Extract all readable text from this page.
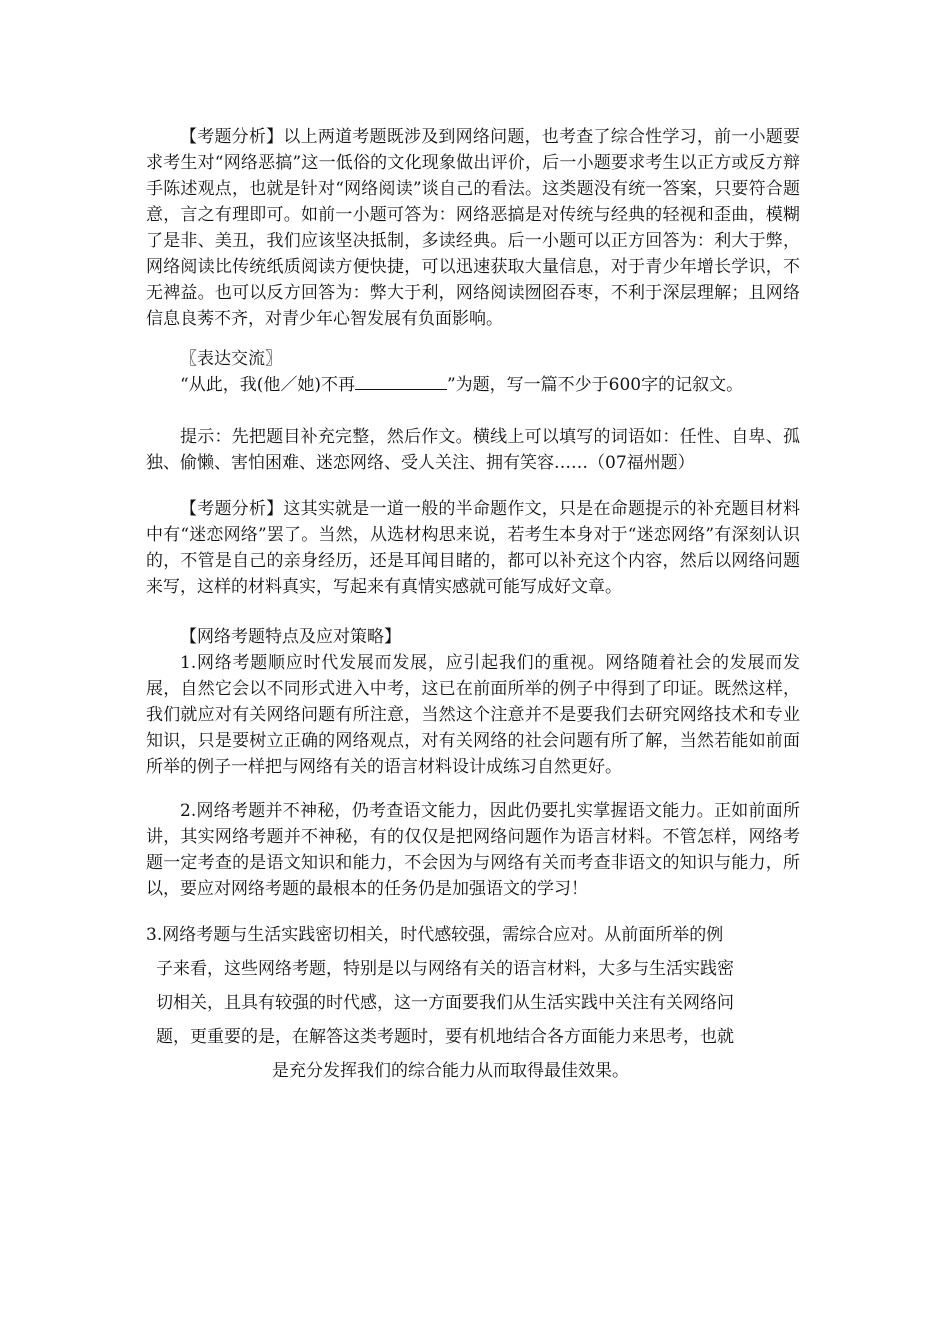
【考题分析】以上两道考题既涉及到网络问题，也考查了综合性学习，前一小题要求考生对“网络恶搞”这一低俗的文化现象做出评价，后一小题要求考生以正方或反方辩手陈述观点，也就是针对“网络阅读”谈自己的看法。这类题没有统一答案，只要符合题意，言之有理即可。如前一小题可答为：网络恶搞是对传统与经典的轻视和歪曲，模糊了是非、美丑，我们应该坚决抵制，多读经典。后一小题可以正方回答为：利大于弊，网络阅读比传统纸质阅读方便快捷，可以迅速获取大量信息，对于青少年增长学识，不无裨益。也可以反方回答为：弊大于利，网络阅读囫囵吞枣，不利于深层理解；且网络信息良莠不齐，对青少年心智发展有负面影响。

〖表达交流〗

“从此，我(他／她)不再	”为题，写一篇不少于600字的记叙文。

提示：先把题目补充完整，然后作文。横线上可以填写的词语如：任性、自卑、孤独、偷懒、害怕困难、迷恋网络、受人关注、拥有笑容……（07福州题）

【考题分析】这其实就是一道一般的半命题作文，只是在命题提示的补充题目材料中有“迷恋网络”罢了。当然，从选材构思来说，若考生本身对于“迷恋网络”有深刻认识的，不管是自己的亲身经历，还是耳闻目睹的，都可以补充这个内容，然后以网络问题来写，这样的材料真实，写起来有真情实感就可能写成好文章。

【网络考题特点及应对策略】

1.网络考题顺应时代发展而发展，应引起我们的重视。网络随着社会的发展而发展，自然它会以不同形式进入中考，这已在前面所举的例子中得到了印证。既然这样，我们就应对有关网络问题有所注意，当然这个注意并不是要我们去研究网络技术和专业知识，只是要树立正确的网络观点，对有关网络的社会问题有所了解，当然若能如前面所举的例子一样把与网络有关的语言材料设计成练习自然更好。

2.网络考题并不神秘，仍考查语文能力，因此仍要扎实掌握语文能力。正如前面所讲，其实网络考题并不神秘，有的仅仅是把网络问题作为语言材料。不管怎样，网络考题一定考查的是语文知识和能力，不会因为与网络有关而考查非语文的知识与能力，所以，要应对网络考题的最根本的任务仍是加强语文的学习！

3.网络考题与生活实践密切相关，时代感较强，需综合应对。从前面所举的例
子来看，这些网络考题，特别是以与网络有关的语言材料，大多与生活实践密
切相关，且具有较强的时代感，这一方面要我们从生活实践中关注有关网络问
题，更重要的是，在解答这类考题时，要有机地结合各方面能力来思考，也就
是充分发挥我们的综合能力从而取得最佳效果。
